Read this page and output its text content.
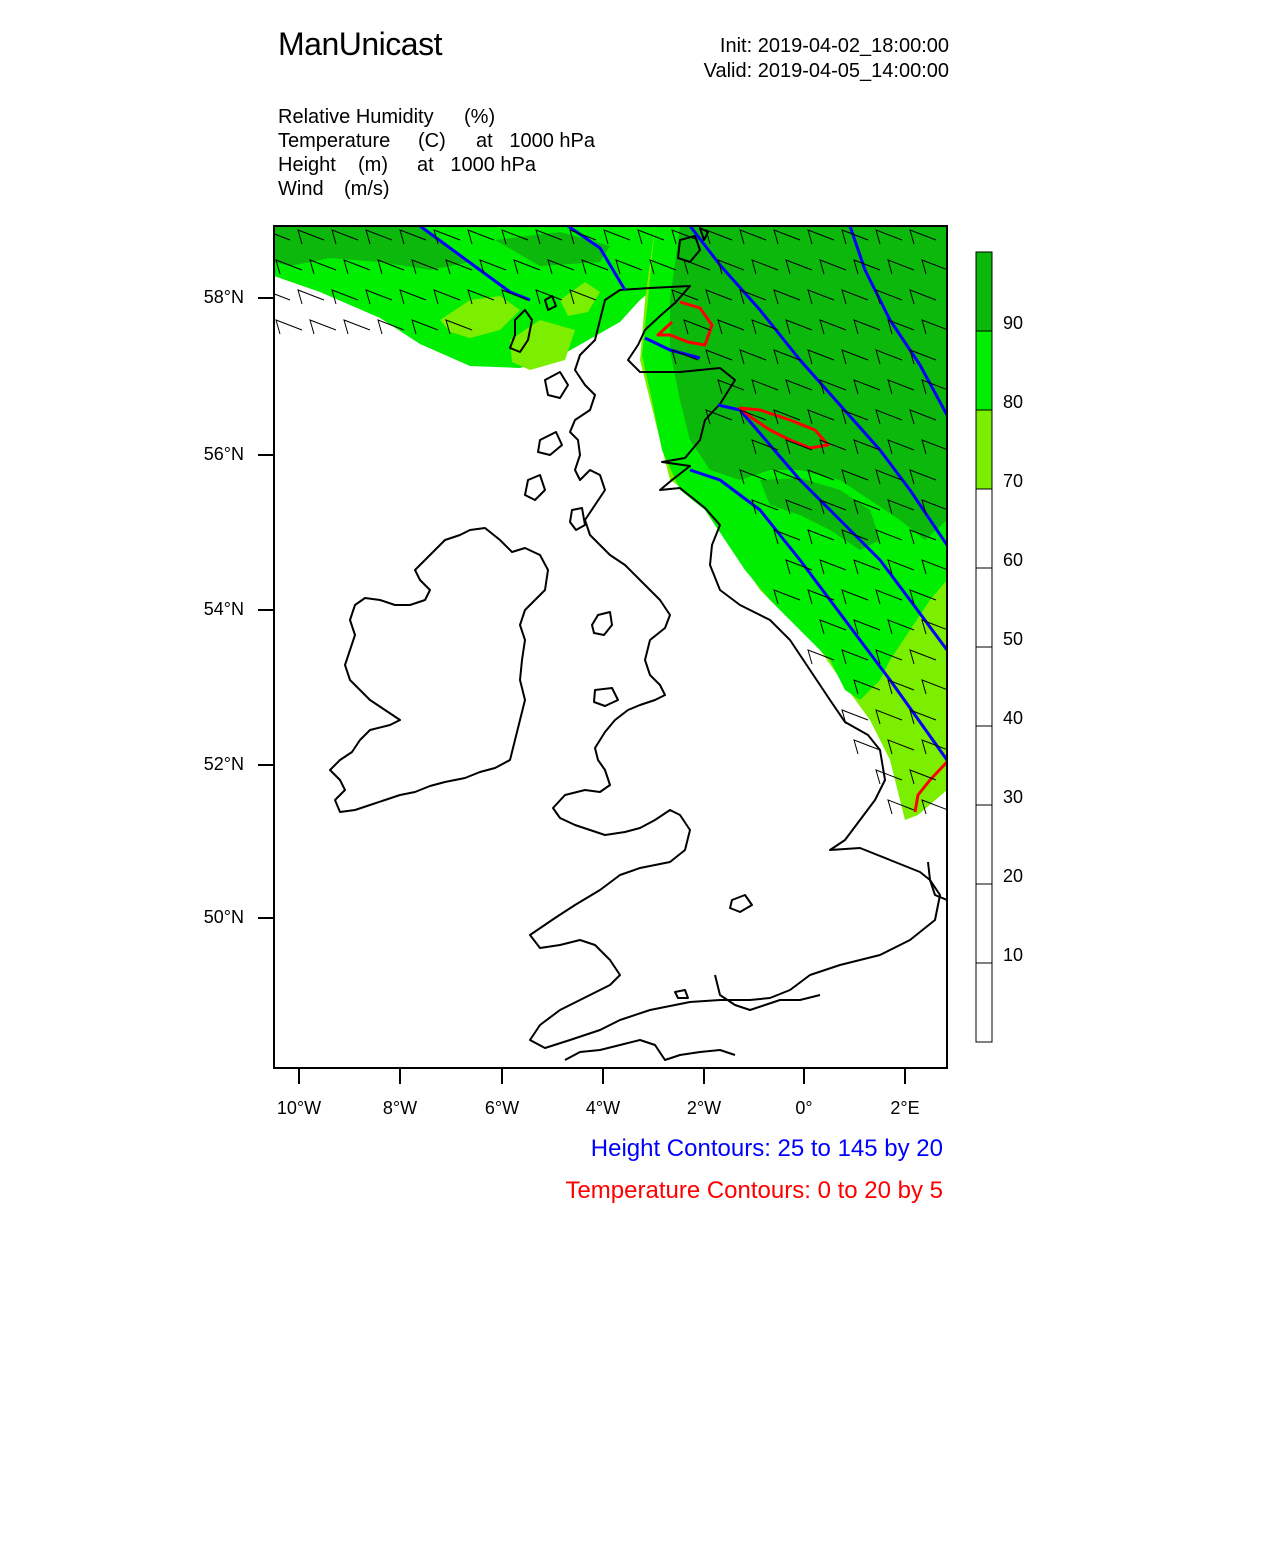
ManUnicast	Init: 2019-04-02_18:00:00
Valid: 2019-04-05_14:00:00
Relative Humidity (%)
Temperature (C) at   1000 hPa
Height (m) at   1000 hPa
Wind (m/s)
58°N
56°N
54°N
52°N
50°N
10°W	8°W	6°W	4°W	2°W	0°	2°E
90
80
70
60
50
40
30
20
10
Height Contours: 25 to 145 by 20
Temperature Contours: 0 to 20 by 5
